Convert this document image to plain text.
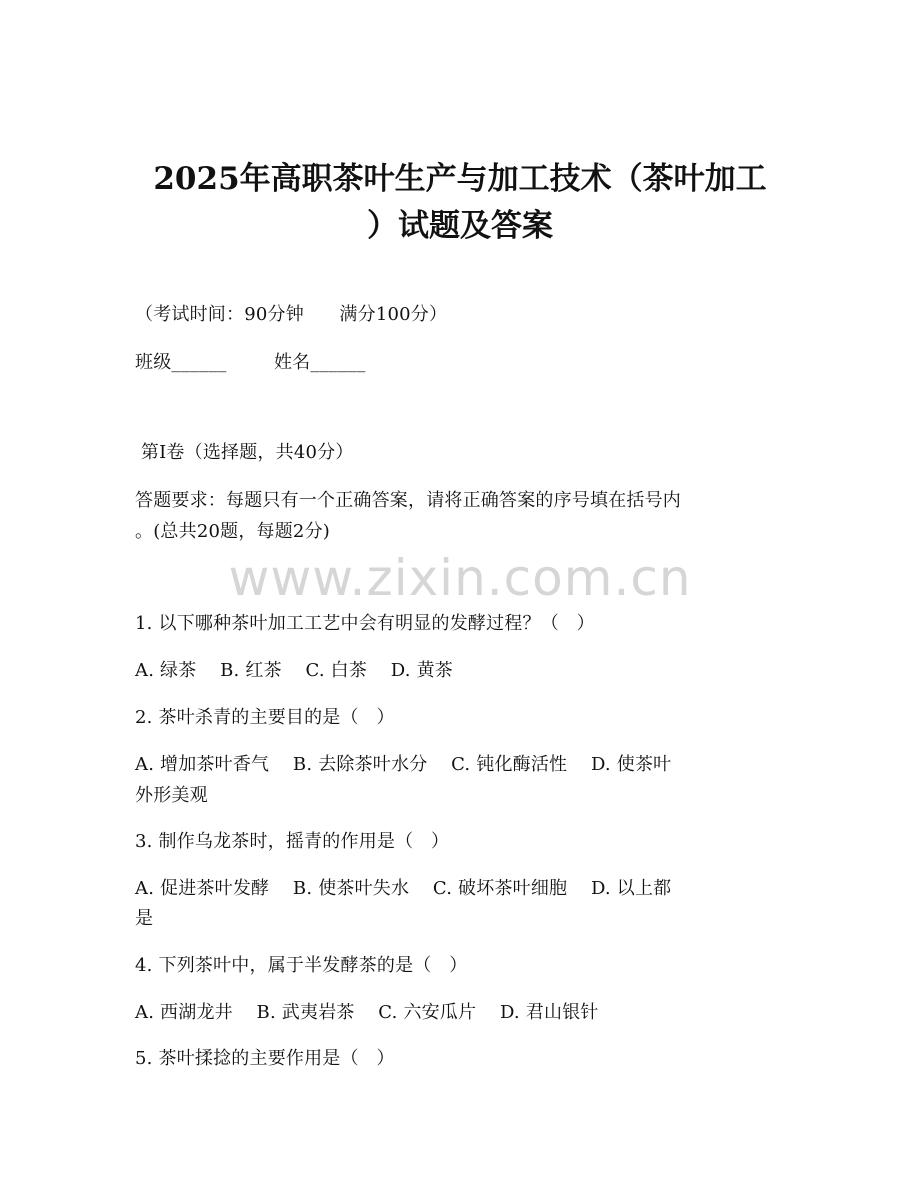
2025年高职茶叶生产与加工技术（茶叶加工
）试题及答案
（考试时间：90分钟      满分100分）
班级______        姓名______
第Ⅰ卷（选择题，共40分）
答题要求：每题只有一个正确答案，请将正确答案的序号填在括号内
。(总共20题，每题2分)
www.zixin.com.cn
1. 以下哪种茶叶加工工艺中会有明显的发酵过程？（   ）
A. 绿茶    B. 红茶    C. 白茶    D. 黄茶
2. 茶叶杀青的主要目的是（   ）
A. 增加茶叶香气    B. 去除茶叶水分    C. 钝化酶活性    D. 使茶叶
外形美观
3. 制作乌龙茶时，摇青的作用是（   ）
A. 促进茶叶发酵    B. 使茶叶失水    C. 破坏茶叶细胞    D. 以上都
是
4. 下列茶叶中，属于半发酵茶的是（   ）
A. 西湖龙井    B. 武夷岩茶    C. 六安瓜片    D. 君山银针
5. 茶叶揉捻的主要作用是（   ）
